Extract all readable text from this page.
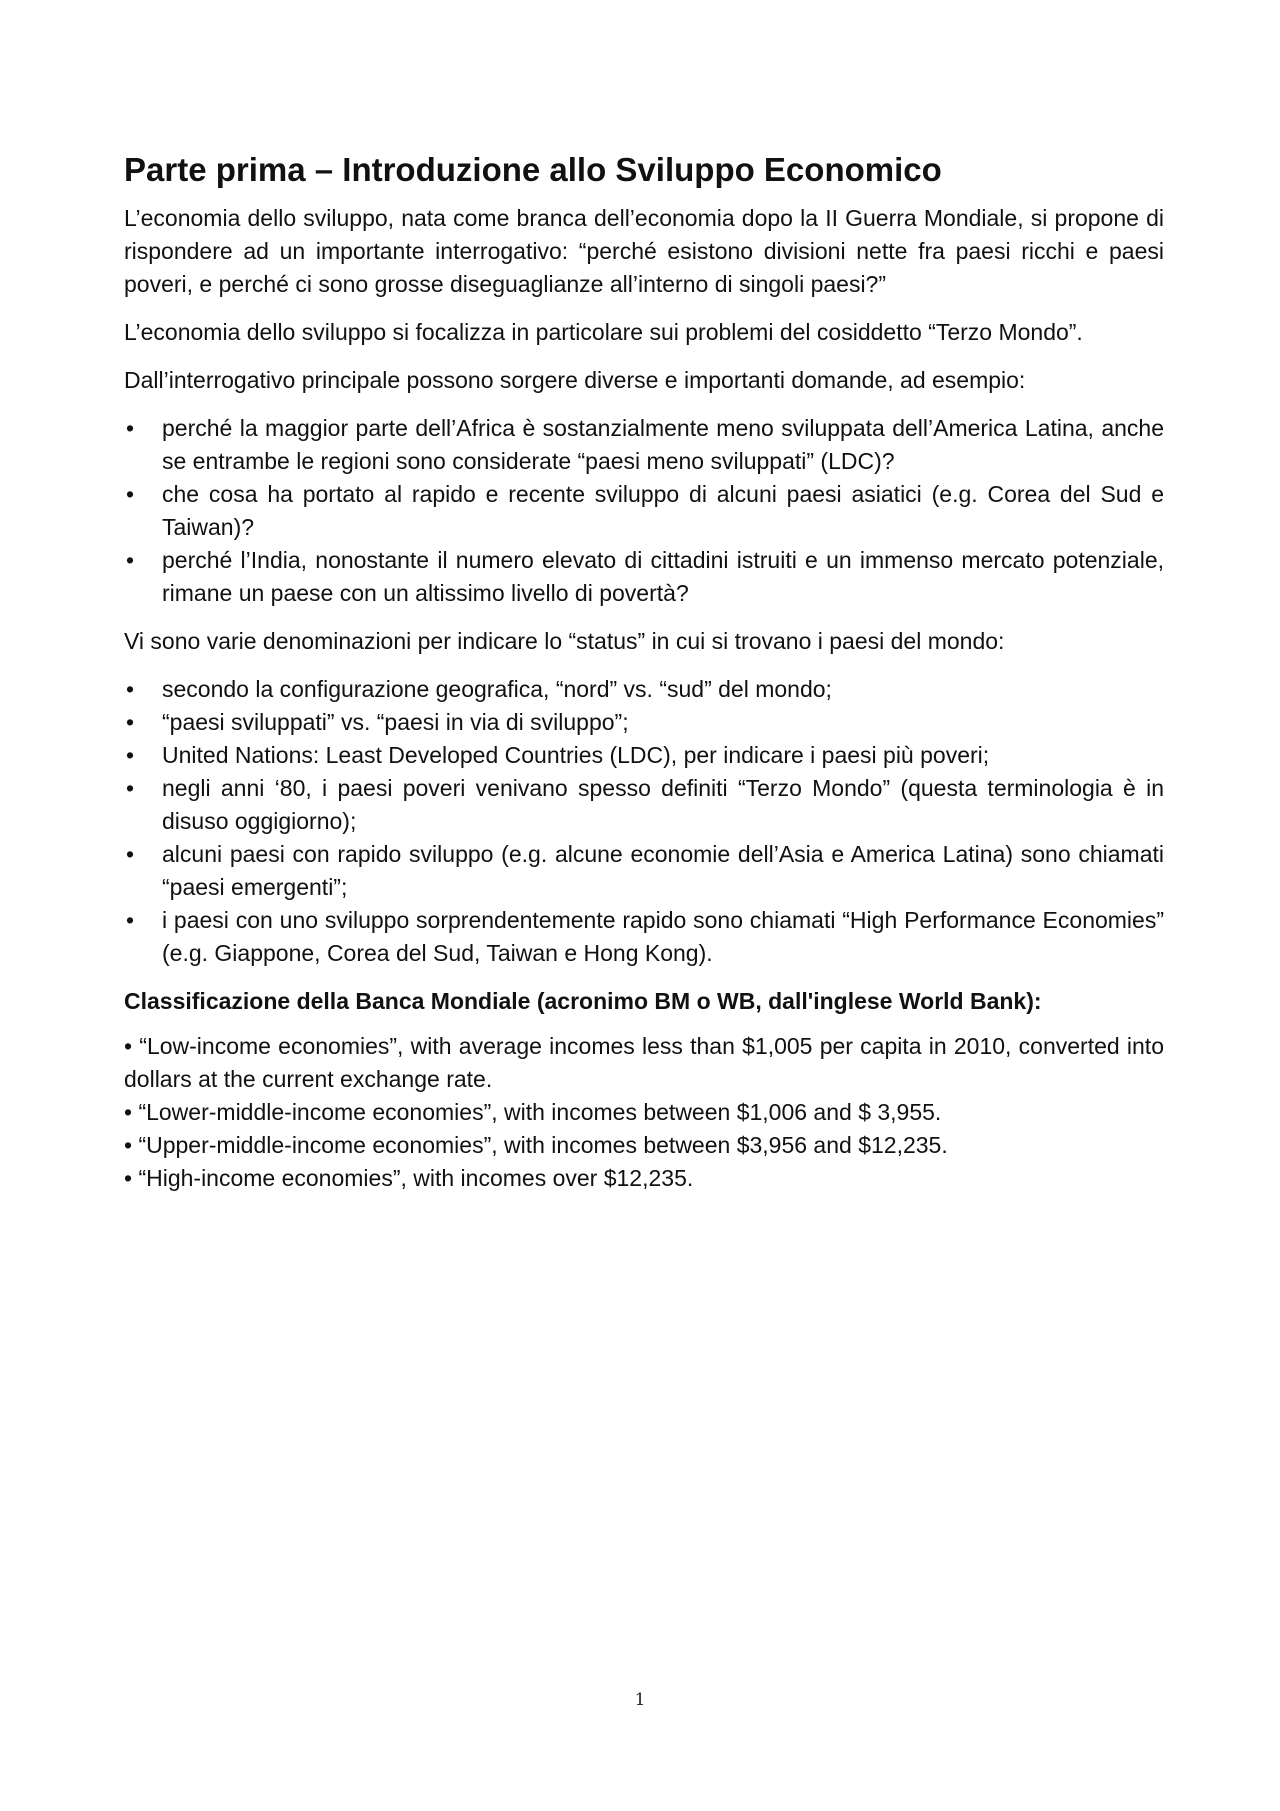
Parte prima – Introduzione allo Sviluppo Economico

L’economia dello sviluppo, nata come branca dell’economia dopo la II Guerra Mondiale, si propone di rispondere ad un importante interrogativo: “perché esistono divisioni nette fra paesi ricchi e paesi poveri, e perché ci sono grosse diseguaglianze all’interno di singoli paesi?”

L’economia dello sviluppo si focalizza in particolare sui problemi del cosiddetto “Terzo Mondo”.

Dall’interrogativo principale possono sorgere diverse e importanti domande, ad esempio:

•	perché la maggior parte dell’Africa è sostanzialmente meno sviluppata dell’America Latina, anche se entrambe le regioni sono considerate “paesi meno sviluppati” (LDC)?
•	che cosa ha portato al rapido e recente sviluppo di alcuni paesi asiatici (e.g. Corea del Sud e Taiwan)?
•	perché l’India, nonostante il numero elevato di cittadini istruiti e un immenso mercato potenziale, rimane un paese con un altissimo livello di povertà?

Vi sono varie denominazioni per indicare lo “status” in cui si trovano i paesi del mondo:

•	secondo la configurazione geografica, “nord” vs. “sud” del mondo;
•	“paesi sviluppati” vs. “paesi in via di sviluppo”;
•	United Nations: Least Developed Countries (LDC), per indicare i paesi più poveri;
•	negli anni ‘80, i paesi poveri venivano spesso definiti “Terzo Mondo” (questa terminologia è in disuso oggigiorno);
•	alcuni paesi con rapido sviluppo (e.g. alcune economie dell’Asia e America Latina) sono chiamati “paesi emergenti”;
•	i paesi con uno sviluppo sorprendentemente rapido sono chiamati “High Performance Economies” (e.g. Giappone, Corea del Sud, Taiwan e Hong Kong).
Classificazione della Banca Mondiale (acronimo BM o WB, dall'inglese World Bank):

• “Low-income economies”, with average incomes less than $1,005 per capita in 2010, converted into dollars at the current exchange rate.

• “Lower-middle-income economies”, with incomes between $1,006 and $ 3,955.

• “Upper-middle-income economies”, with incomes between $3,956 and $12,235.

• “High-income economies”, with incomes over $12,235.

1
